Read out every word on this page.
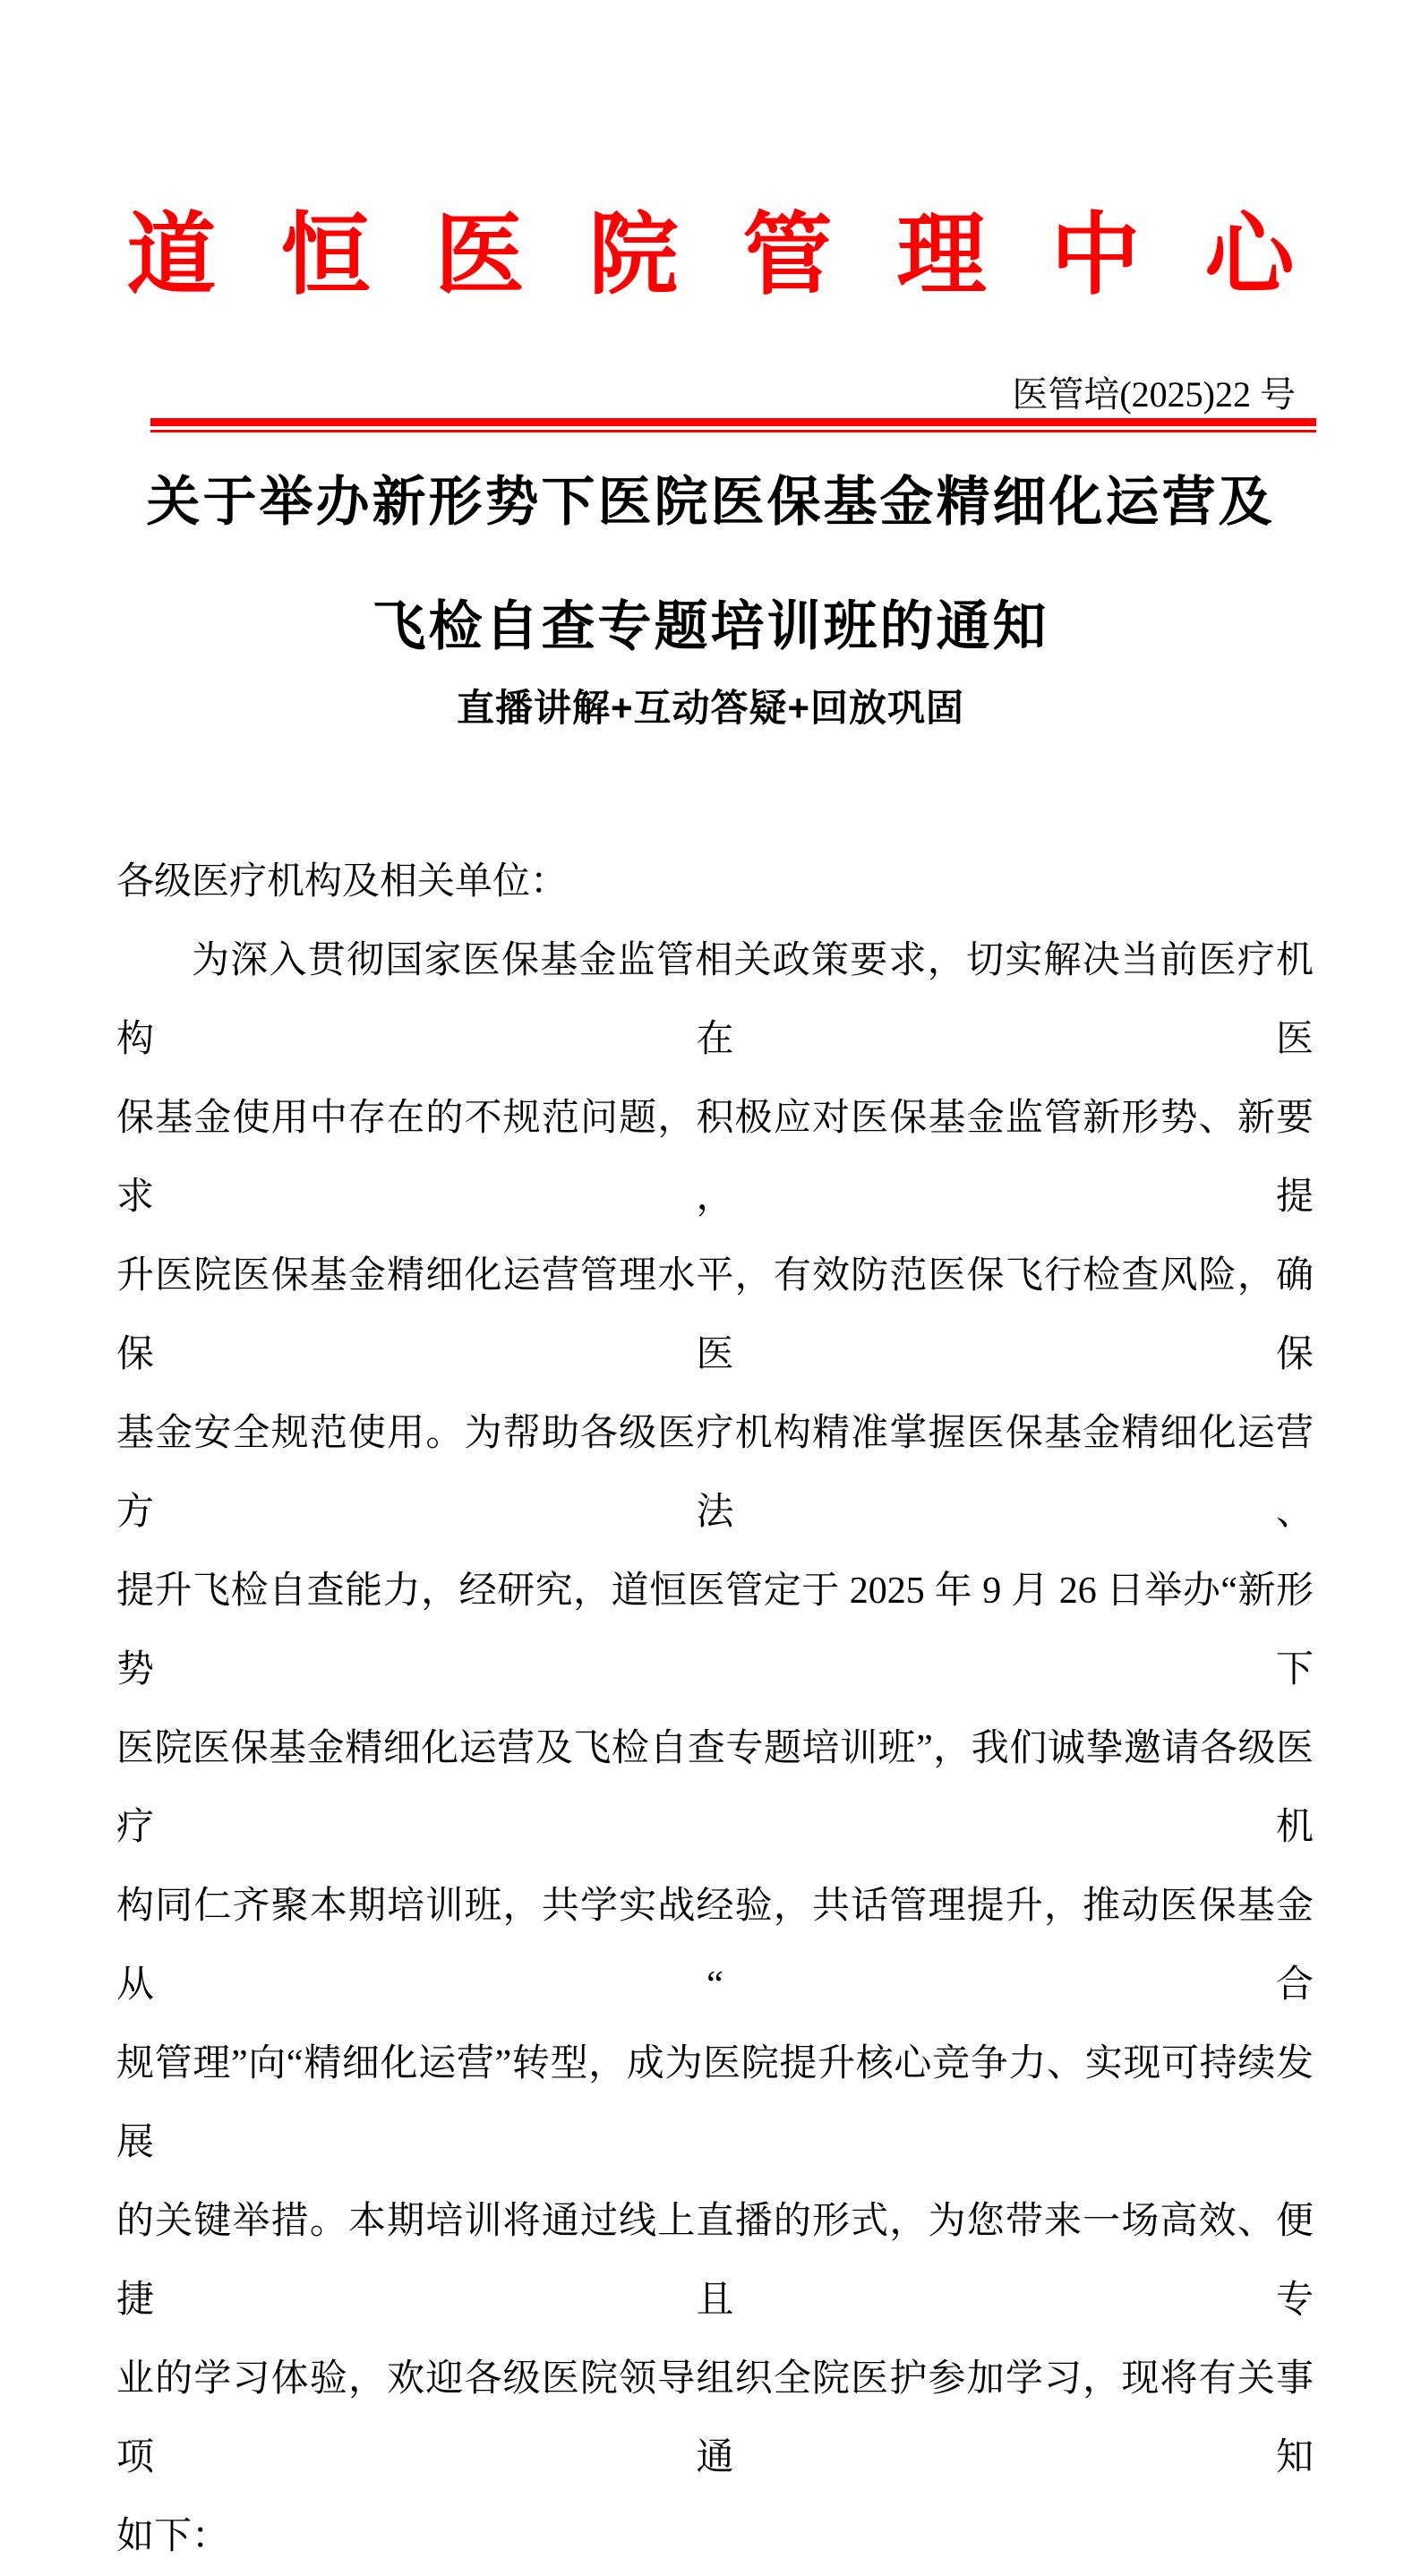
道恒医院管理中心
医管培(2025)22 号
关于举办新形势下医院医保基金精细化运营及
飞检自查专题培训班的通知
直播讲解+互动答疑+回放巩固
各级医疗机构及相关单位：
为深入贯彻国家医保基金监管相关政策要求，切实解决当前医疗机构在医
保基金使用中存在的不规范问题，积极应对医保基金监管新形势、新要求，提
升医院医保基金精细化运营管理水平，有效防范医保飞行检查风险，确保医保
基金安全规范使用。为帮助各级医疗机构精准掌握医保基金精细化运营方法、
提升飞检自查能力，经研究，道恒医管定于 2025 年 9 月 26 日举办“新形势下
医院医保基金精细化运营及飞检自查专题培训班”，我们诚挚邀请各级医疗机
构同仁齐聚本期培训班，共学实战经验，共话管理提升，推动医保基金从“合
规管理”向“精细化运营”转型，成为医院提升核心竞争力、实现可持续发展
的关键举措。本期培训将通过线上直播的形式，为您带来一场高效、便捷且专
业的学习体验，欢迎各级医院领导组织全院医护参加学习，现将有关事项通知
如下：
